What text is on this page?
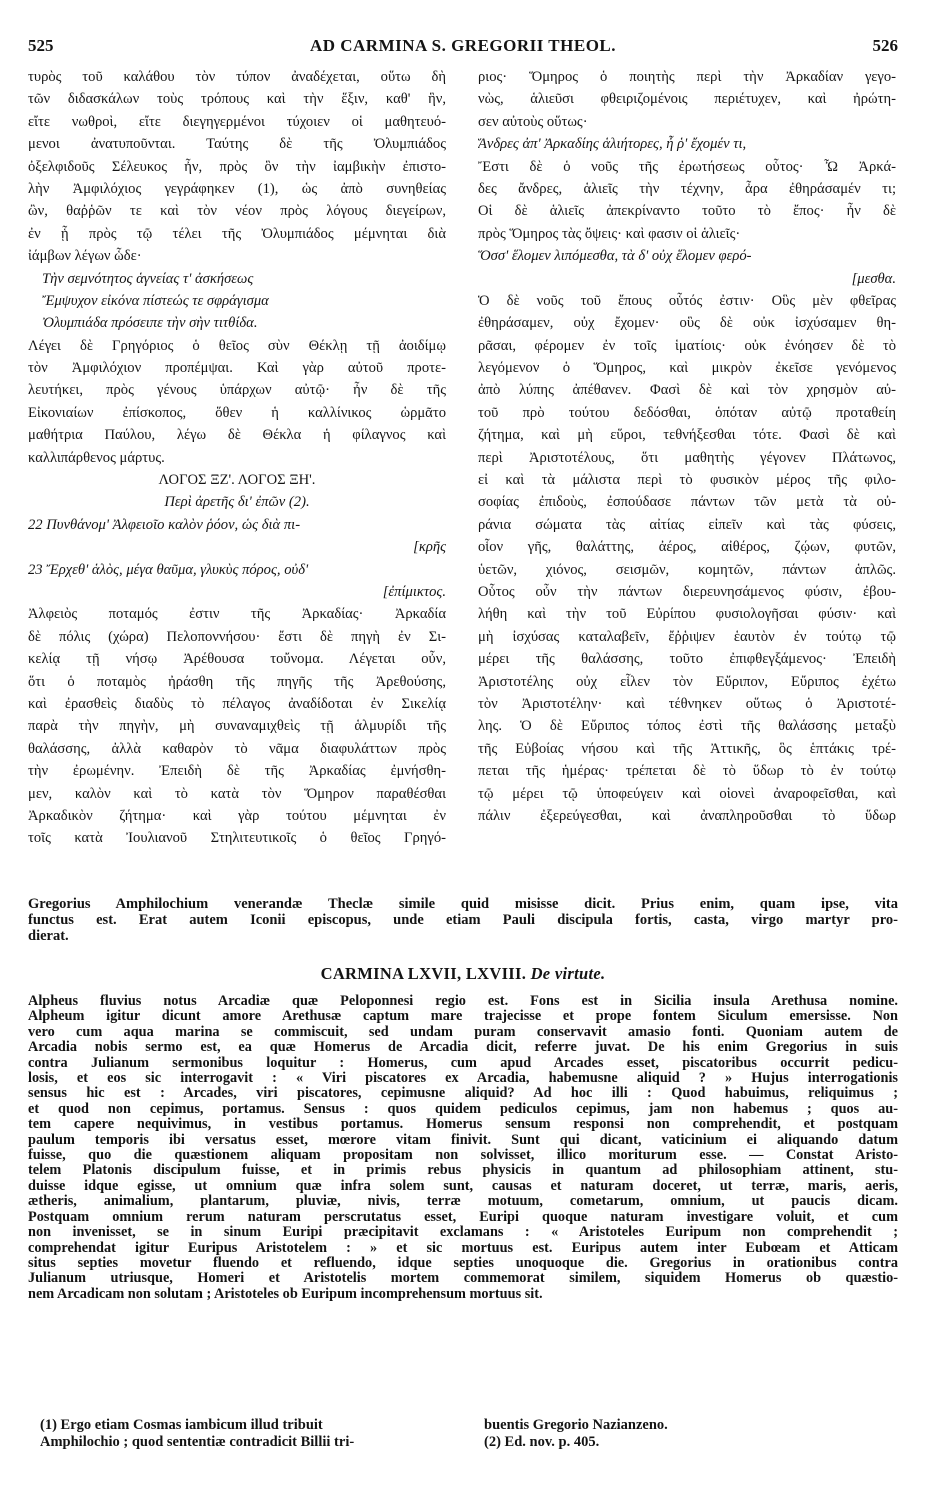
525	AD CARMINA S. GREGORII THEOL.	526
τυρὸς τοῦ καλάθου τὸν τύπον ἀναδέχεται, οὕτω δὴ
τῶν διδασκάλων τοὺς τρόπους καὶ τὴν ἕξιν, καθ' ἣν,
εἴτε νωθροὶ, εἴτε διεγηγερμένοι τύχοιεν οἱ μαθητευό-
μενοι ἀνατυποῦνται. Ταύτης δὲ τῆς Ὀλυμπιάδος
ὀξελφιδοῦς Σέλευκος ἦν, πρὸς ὃν τὴν ἰαμβικὴν ἐπιστο-
λὴν Ἀμφιλόχιος γεγράφηκεν (1), ὡς ἀπὸ συνηθείας
ὢν, θαῤῥῶν τε καὶ τὸν νέον πρὸς λόγους διεγείρων,
ἐν ᾗ πρὸς τῷ τέλει τῆς Ὀλυμπιάδος μέμνηται διὰ
ἰάμβων λέγων ὧδε·
Τὴν σεμνότητος ἁγνείας τ' ἀσκήσεως
Ἔμψυχον εἰκόνα πίστεώς τε σφράγισμα
Ὀλυμπιάδα πρόσειπε τὴν σὴν τιτθίδα.
Λέγει δὲ Γρηγόριος ὁ θεῖος σὺν Θέκλῃ τῇ ἀοιδίμῳ
τὸν Ἀμφιλόχιον προπέμψαι. Καὶ γὰρ αὐτοῦ προτε-
λευτήκει, πρὸς γένους ὑπάρχων αὐτῷ· ἦν δὲ τῆς
Εἰκονιαίων ἐπίσκοπος, ὅθεν ἡ καλλίνικος ὡρμᾶτο
μαθήτρια Παύλου, λέγω δὲ Θέκλα ἡ φίλαγνος καὶ
καλλιπάρθενος μάρτυς.
ΛΟΓΟΣ ΞΖ'. ΛΟΓΟΣ ΞΗ'.
Περὶ ἀρετῆς δι' ἐπῶν (2).
22 Πυνθάνομ' Ἀλφειοῖο καλὸν ῥόον, ὡς διὰ πι-
[κρῆς
23 Ἔρχεθ' ἁλὸς, μέγα θαῦμα, γλυκὺς πόρος, οὐδ'
[ἐπίμικτος.
Ἀλφειὸς ποταμός ἐστιν τῆς Ἀρκαδίας· Ἀρκαδία
δὲ πόλις (χώρα) Πελοποννήσου· ἔστι δὲ πηγὴ ἐν Σι-
κελίᾳ τῇ νήσῳ Ἀρέθουσα τοὔνομα. Λέγεται οὖν,
ὅτι ὁ ποταμὸς ἠράσθη τῆς πηγῆς τῆς Ἀρεθούσης,
καὶ ἐρασθεὶς διαδὺς τὸ πέλαγος ἀναδίδοται ἐν Σικελίᾳ
παρὰ τὴν πηγὴν, μὴ συναναμιχθεὶς τῇ ἁλμυρίδι τῆς
θαλάσσης, ἀλλὰ καθαρὸν τὸ νᾶμα διαφυλάττων πρὸς
τὴν ἐρωμένην. Ἐπειδὴ δὲ τῆς Ἀρκαδίας ἐμνήσθη-
μεν, καλὸν καὶ τὸ κατὰ τὸν Ὅμηρον παραθέσθαι
Ἀρκαδικὸν ζήτημα· καὶ γὰρ τούτου μέμνηται ἐν
τοῖς κατὰ Ἰουλιανοῦ Στηλιτευτικοῖς ὁ θεῖος Γρηγό-
ριος· Ὅμηρος ὁ ποιητὴς περὶ τὴν Ἀρκαδίαν γεγο-
νὼς, ἁλιεῦσι φθειριζομένοις περιέτυχεν, καὶ ἠρώτη-
σεν αὐτοὺς οὕτως·
Ἄνδρες ἀπ' Ἀρκαδίης ἁλιήτορες, ἦ ῥ' ἔχομέν τι,
Ἔστι δὲ ὁ νοῦς τῆς ἐρωτήσεως οὗτος· Ὦ Ἀρκά-
δες ἄνδρες, ἁλιεῖς τὴν τέχνην, ἆρα ἐθηράσαμέν τι;
Οἱ δὲ ἁλιεῖς ἀπεκρίναντο τοῦτο τὸ ἔπος· ἦν δὲ
πρὸς Ὅμηρος τὰς ὄψεις· καὶ φασιν οἱ ἁλιεῖς·
Ὅσσ' ἕλομεν λιπόμεσθα, τὰ δ' οὐχ ἕλομεν φερό-
[μεσθα.
Ὁ δὲ νοῦς τοῦ ἔπους οὗτός ἐστιν· Οὓς μὲν φθεῖρας
ἐθηράσαμεν, οὐχ ἔχομεν· οὓς δὲ οὐκ ἰσχύσαμεν θη-
ρᾶσαι, φέρομεν ἐν τοῖς ἱματίοις· οὐκ ἐνόησεν δὲ τὸ
λεγόμενον ὁ Ὅμηρος, καὶ μικρὸν ἐκεῖσε γενόμενος
ἀπὸ λύπης ἀπέθανεν. Φασὶ δὲ καὶ τὸν χρησμὸν αὐ-
τοῦ πρὸ τούτου δεδόσθαι, ὁπόταν αὐτῷ προταθείη
ζήτημα, καὶ μὴ εὕροι, τεθνήξεσθαι τότε. Φασὶ δὲ καὶ
περὶ Ἀριστοτέλους, ὅτι μαθητὴς γέγονεν Πλάτωνος,
εἰ καὶ τὰ μάλιστα περὶ τὸ φυσικὸν μέρος τῆς φιλο-
σοφίας ἐπιδοὺς, ἐσπούδασε πάντων τῶν μετὰ τὰ οὐ-
ράνια σώματα τὰς αἰτίας εἰπεῖν καὶ τὰς φύσεις,
οἷον γῆς, θαλάττης, ἀέρος, αἰθέρος, ζῴων, φυτῶν,
ὑετῶν, χιόνος, σεισμῶν, κομητῶν, πάντων ἁπλῶς.
Οὗτος οὖν τὴν πάντων διερευνησάμενος φύσιν, ἐβου-
λήθη καὶ τὴν τοῦ Εὐρίπου φυσιολογῆσαι φύσιν· καὶ
μὴ ἰσχύσας καταλαβεῖν, ἔῤῥιψεν ἑαυτὸν ἐν τούτῳ τῷ
μέρει τῆς θαλάσσης, τοῦτο ἐπιφθεγξάμενος· Ἐπειδὴ
Ἀριστοτέλης οὐχ εἷλεν τὸν Εὔριπον, Εὔριπος ἐχέτω
τὸν Ἀριστοτέλην· καὶ τέθνηκεν οὕτως ὁ Ἀριστοτέ-
λης. Ὁ δὲ Εὔριπος τόπος ἐστὶ τῆς θαλάσσης μεταξὺ
τῆς Εὐβοίας νήσου καὶ τῆς Ἀττικῆς, ὃς ἑπτάκις τρέ-
πεται τῆς ἡμέρας· τρέπεται δὲ τὸ ὕδωρ τὸ ἐν τούτῳ
τῷ μέρει τῷ ὑποφεύγειν καὶ οἱονεὶ ἀναροφεῖσθαι, καὶ
πάλιν ἐξερεύγεσθαι, καὶ ἀναπληροῦσθαι τὸ ὕδωρ
Gregorius Amphilochium venerandæ Theclæ simile quid misisse dicit. Prius enim, quam ipse, vita
functus est. Erat autem Iconii episcopus, unde etiam Pauli discipula fortis, casta, virgo martyr pro-
dierat.
CARMINA LXVII, LXVIII. De virtute.
Alpheus fluvius notus Arcadiæ quæ Peloponnesi regio est. Fons est in Sicilia insula Arethusa nomine.
Alpheum igitur dicunt amore Arethusæ captum mare trajecisse et prope fontem Siculum emersisse. Non
vero cum aqua marina se commiscuit, sed undam puram conservavit amasio fonti. Quoniam autem de
Arcadia nobis sermo est, ea quæ Homerus de Arcadia dicit, referre juvat. De his enim Gregorius in suis
contra Julianum sermonibus loquitur : Homerus, cum apud Arcades esset, piscatoribus occurrit pedicu-
losis, et eos sic interrogavit : « Viri piscatores ex Arcadia, habemusne aliquid ? » Hujus interrogationis
sensus hic est : Arcades, viri piscatores, cepimusne aliquid? Ad hoc illi : Quod habuimus, reliquimus ;
et quod non cepimus, portamus. Sensus : quos quidem pediculos cepimus, jam non habemus ; quos au-
tem capere nequivimus, in vestibus portamus. Homerus sensum responsi non comprehendit, et postquam
paulum temporis ibi versatus esset, mœrore vitam finivit. Sunt qui dicant, vaticinium ei aliquando datum
fuisse, quo die quæstionem aliquam propositam non solvisset, illico moriturum esse. — Constat Aristo-
telem Platonis discipulum fuisse, et in primis rebus physicis in quantum ad philosophiam attinent, stu-
duisse idque egisse, ut omnium quæ infra solem sunt, causas et naturam doceret, ut terræ, maris, aeris,
ætheris, animalium, plantarum, pluviæ, nivis, terræ motuum, cometarum, omnium, ut paucis dicam.
Postquam omnium rerum naturam perscrutatus esset, Euripi quoque naturam investigare voluit, et cum
non invenisset, se in sinum Euripi præcipitavit exclamans : « Aristoteles Euripum non comprehendit ;
comprehendat igitur Euripus Aristotelem : » et sic mortuus est. Euripus autem inter Eubœam et Atticam
situs septies movetur fluendo et refluendo, idque septies unoquoque die. Gregorius in orationibus contra
Julianum utriusque, Homeri et Aristotelis mortem commemorat similem, siquidem Homerus ob quæstio-
nem Arcadicam non solutam ; Aristoteles ob Euripum incomprehensum mortuus sit.
(1) Ergo etiam Cosmas iambicum illud tribuit
Amphilochio ; quod sententiæ contradicit Billii tri-
buentis Gregorio Nazianzeno.
(2) Ed. nov. p. 405.
